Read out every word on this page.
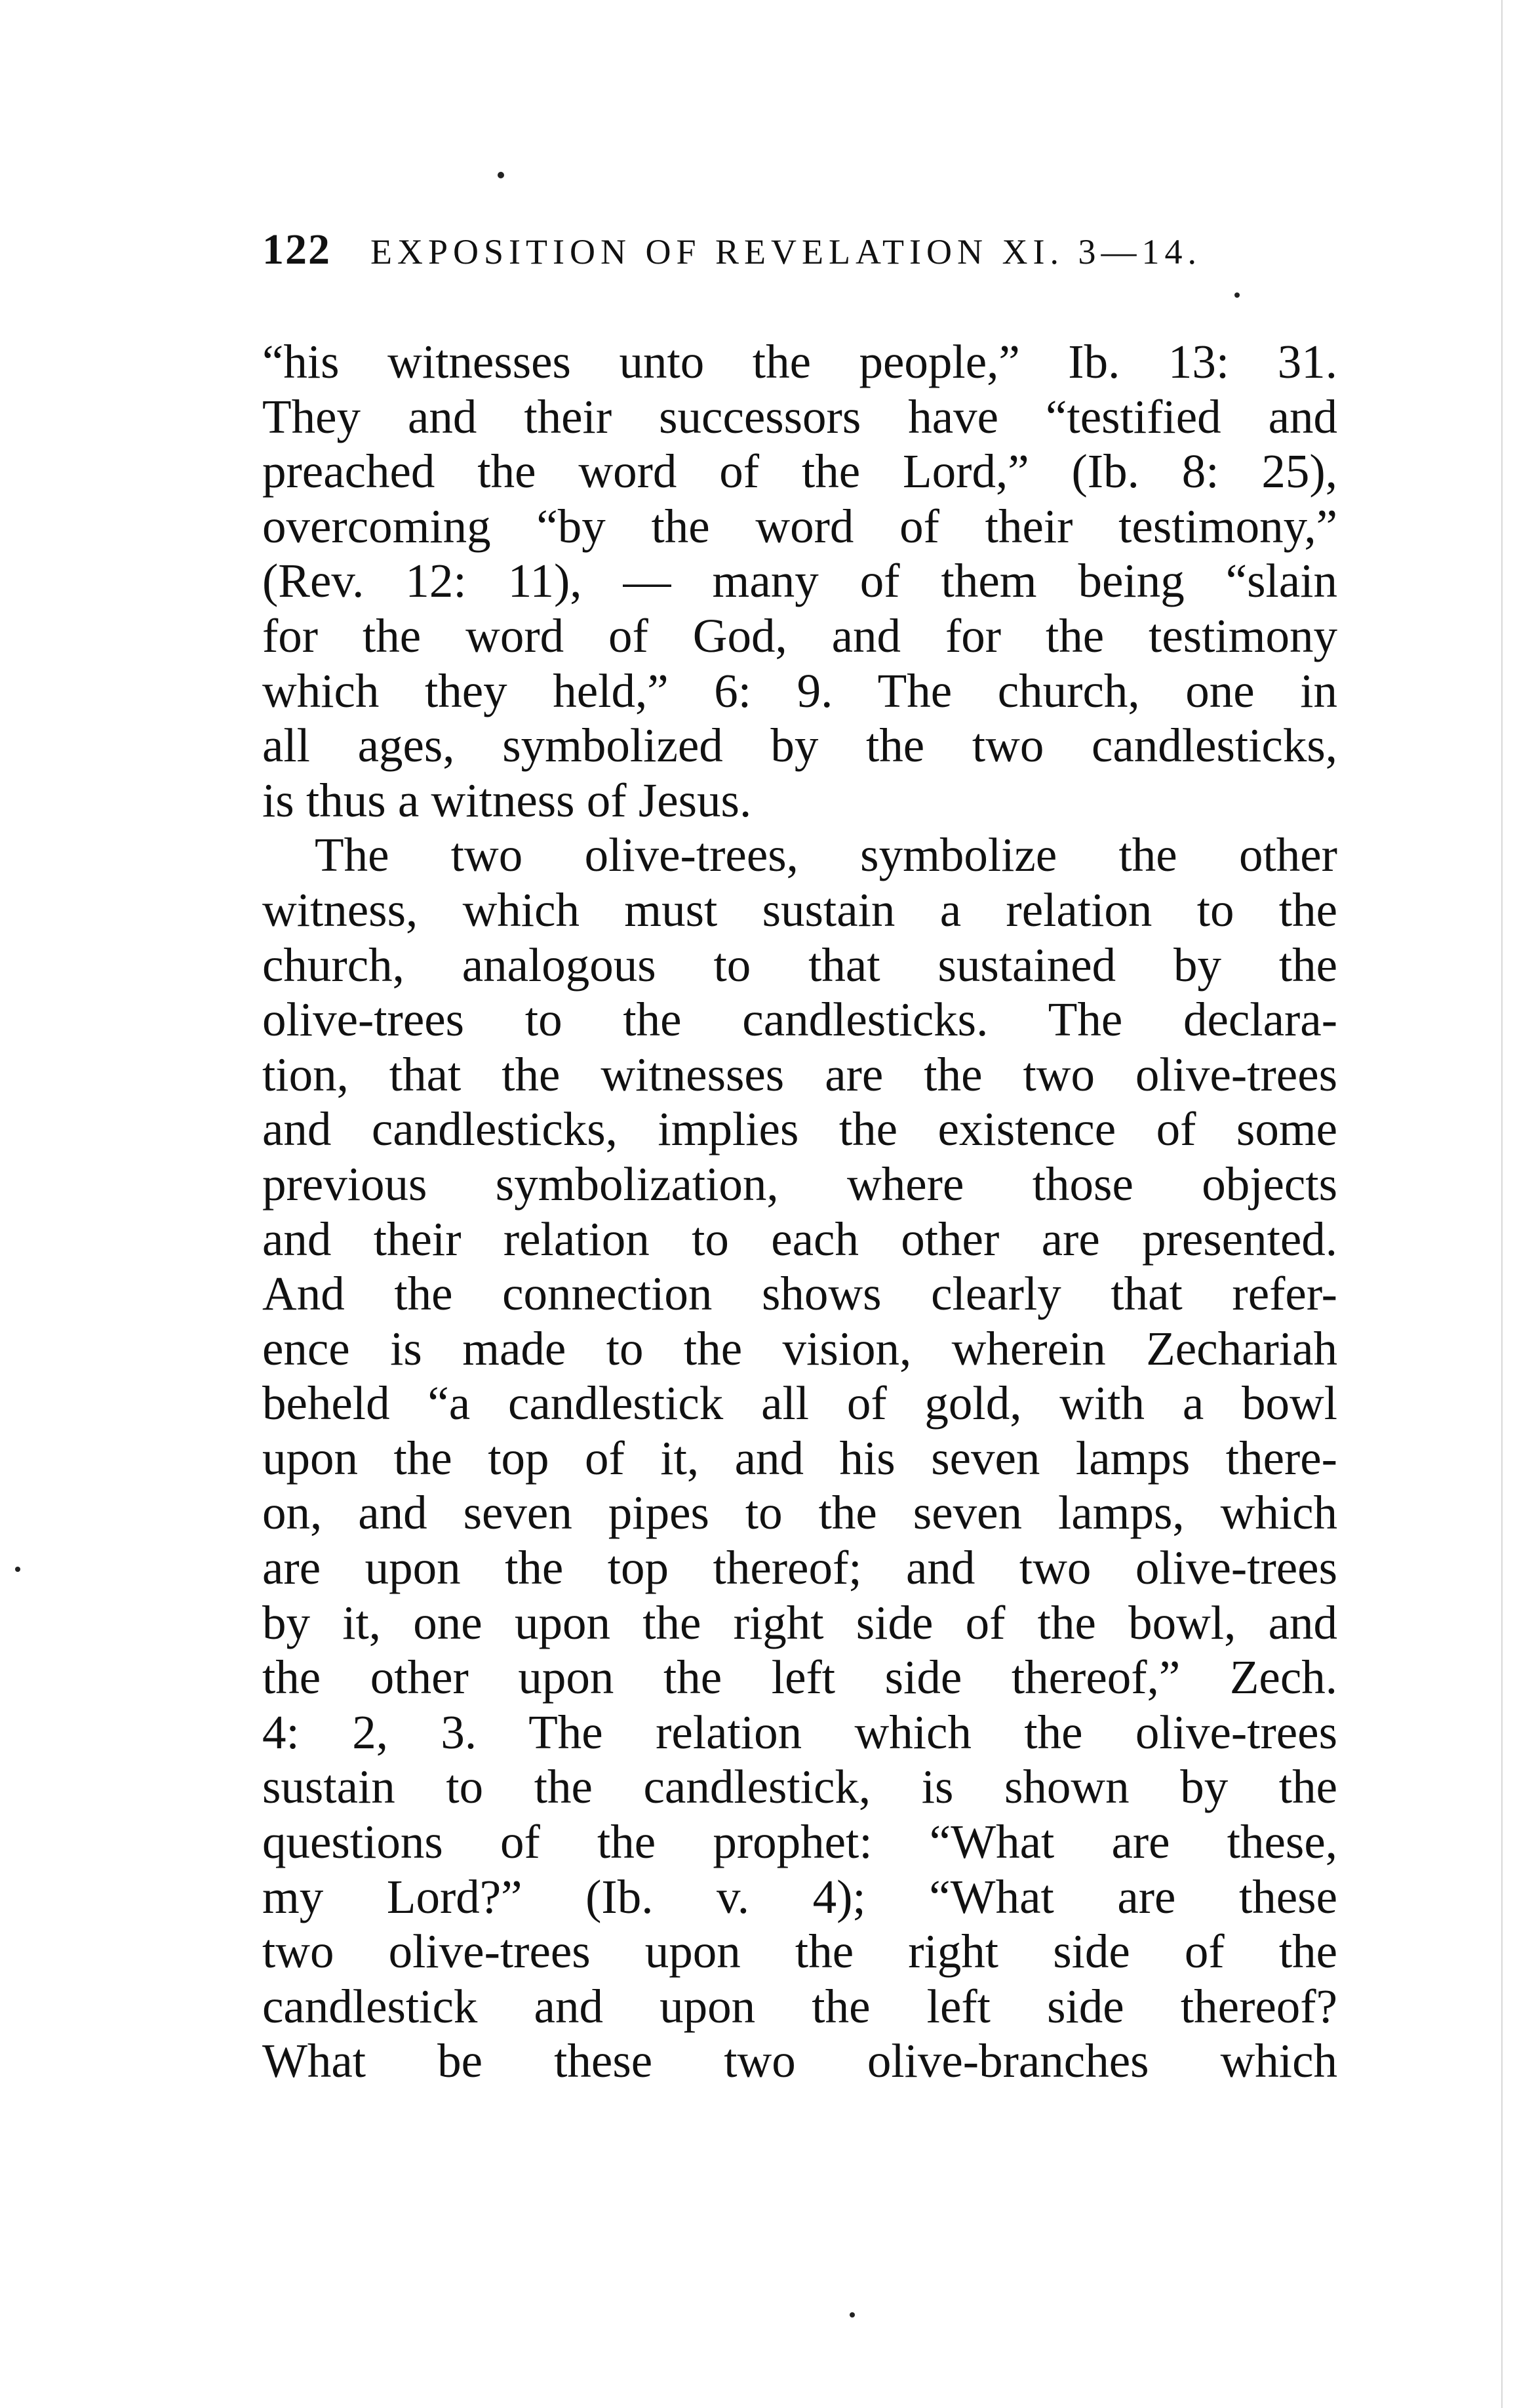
122 EXPOSITION OF REVELATION XI. 3—14.
“his witnesses unto the people,” Ib. 13: 31.
They and their successors have “testified and
preached the word of the Lord,” (Ib. 8: 25),
overcoming “by the word of their testimony,”
(Rev. 12: 11), — many of them being “slain
for the word of God, and for the testimony
which they held,” 6: 9. The church, one in
all ages, symbolized by the two candlesticks,
is thus a witness of Jesus.
The two olive-trees, symbolize the other
witness, which must sustain a relation to the
church, analogous to that sustained by the
olive-trees to the candlesticks. The declara-
tion, that the witnesses are the two olive-trees
and candlesticks, implies the existence of some
previous symbolization, where those objects
and their relation to each other are presented.
And the connection shows clearly that refer-
ence is made to the vision, wherein Zechariah
beheld “a candlestick all of gold, with a bowl
upon the top of it, and his seven lamps there-
on, and seven pipes to the seven lamps, which
are upon the top thereof; and two olive-trees
by it, one upon the right side of the bowl, and
the other upon the left side thereof,” Zech.
4: 2, 3. The relation which the olive-trees
sustain to the candlestick, is shown by the
questions of the prophet: “What are these,
my Lord?” (Ib. v. 4); “What are these
two olive-trees upon the right side of the
candlestick and upon the left side thereof?
What be these two olive-branches which
